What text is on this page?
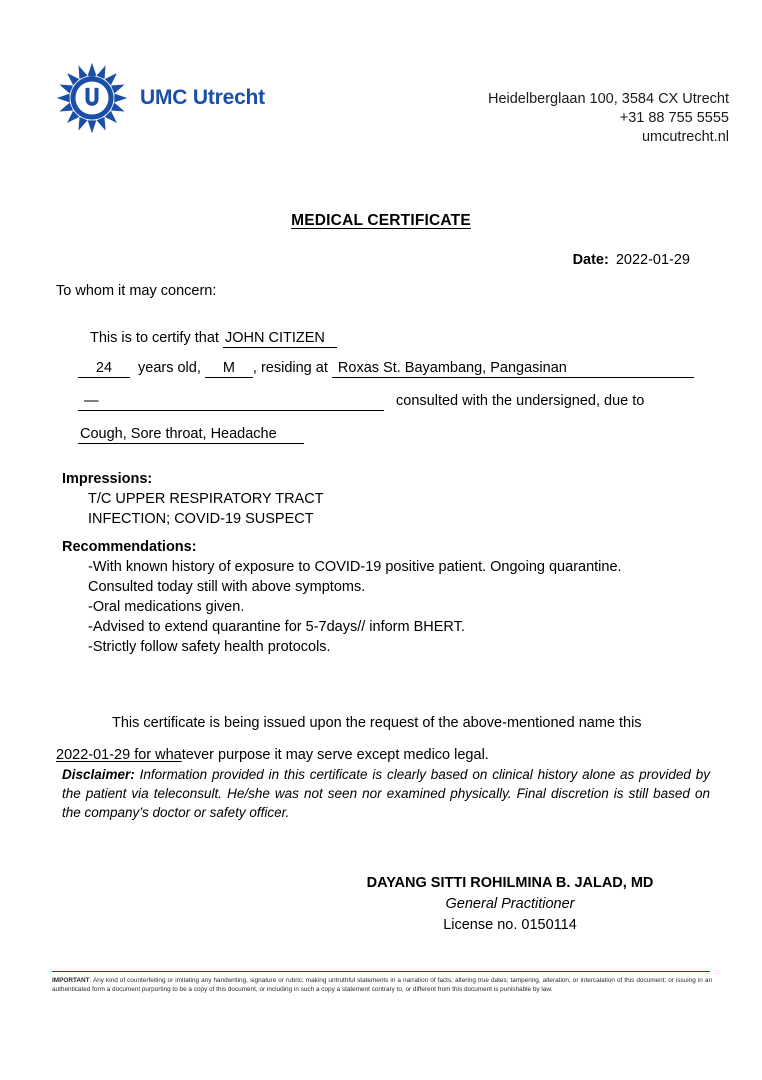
UMC Utrecht	Heidelberglaan 100, 3584 CX Utrecht
+31 88 755 5555
umcutrecht.nl
MEDICAL CERTIFICATE
Date: 2022-01-29
To whom it may concern:
This is to certify that JOHN CITIZEN
24 years old, M , residing at Roxas St. Bayambang, Pangasinan
—	consulted with the undersigned, due to
Cough, Sore throat, Headache
Impressions:
T/C UPPER RESPIRATORY TRACT
INFECTION; COVID-19 SUSPECT
Recommendations:
-With known history of exposure to COVID-19 positive patient. Ongoing quarantine.
Consulted today still with above symptoms.
-Oral medications given.
-Advised to extend quarantine for 5-7days// inform BHERT.
-Strictly follow safety health protocols.
This certificate is being issued upon the request of the above-mentioned name this
2022-01-29 for whatever purpose it may serve except medico legal.
Disclaimer: Information provided in this certificate is clearly based on clinical history alone as provided by the patient via teleconsult. He/she was not seen nor examined physically. Final discretion is still based on the company’s doctor or safety officer.
DAYANG SITTI ROHILMINA B. JALAD, MD
General Practitioner
License no. 0150114
IMPORTANT: Any kind of counterfeiting or imitating any handwriting, signature or rubric; making untruthful statements in a narration of facts; altering true dates; tampering, alteration, or intercalation of this document; or issuing in an authenticated form a document purporting to be a copy of this document, or including in such a copy a statement contrary to, or different from this document is punishable by law.
